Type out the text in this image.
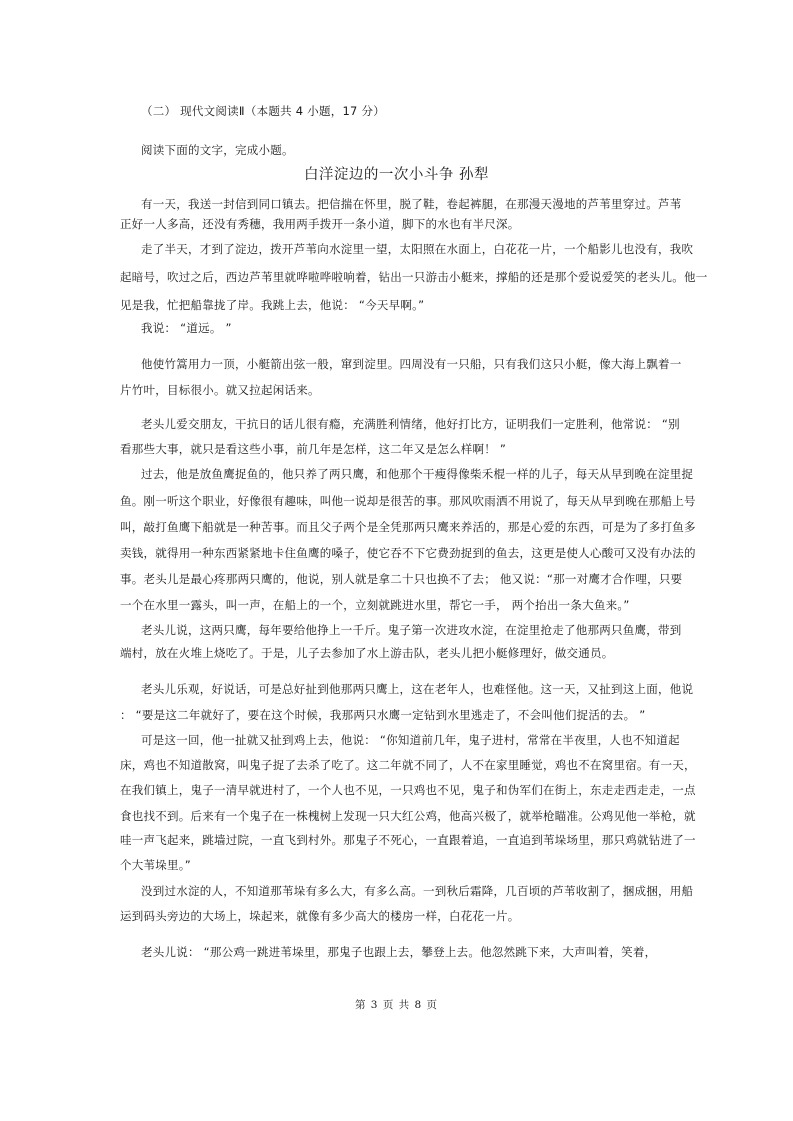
（二） 现代文阅读Ⅱ（本题共 4 小题，17 分）
阅读下面的文字，完成小题。
白洋淀边的一次小斗争 孙犁
有一天，我送一封信到同口镇去。把信揣在怀里，脱了鞋，卷起裤腿，在那漫天漫地的芦苇里穿过。芦苇
正好一人多高，还没有秀穗，我用两手拨开一条小道，脚下的水也有半尺深。
走了半天，才到了淀边，拨开芦苇向水淀里一望，太阳照在水面上，白花花一片，一个船影儿也没有，我吹
起暗号，吹过之后，西边芦苇里就哗啦哗啦响着，钻出一只游击小艇来，撑船的还是那个爱说爱笑的老头儿。他一
见是我，忙把船靠拢了岸。我跳上去，他说： “今天早啊。”
我说： “道远。 ”
他使竹篙用力一顶，小艇箭出弦一般，窜到淀里。四周没有一只船，只有我们这只小艇，像大海上飘着一
片竹叶，目标很小。就又拉起闲话来。
老头儿爱交朋友，干抗日的话儿很有瘾，充满胜利情绪，他好打比方，证明我们一定胜利，他常说： “别
看那些大事，就只是看这些小事，前几年是怎样，这二年又是怎么样啊！ ”
过去，他是放鱼鹰捉鱼的，他只养了两只鹰，和他那个干瘦得像柴禾棍一样的儿子，每天从早到晚在淀里捉
鱼。刚一听这个职业，好像很有趣味，叫他一说却是很苦的事。那风吹雨洒不用说了，每天从早到晚在那船上号
叫，敲打鱼鹰下船就是一种苦事。而且父子两个是全凭那两只鹰来养活的，那是心爱的东西，可是为了多打鱼多
卖钱，就得用一种东西紧紧地卡住鱼鹰的嗓子，使它吞不下它费劲捉到的鱼去，这更是使人心酸可又没有办法的
事。老头儿是最心疼那两只鹰的，他说，别人就是拿二十只也换不了去； 他又说：“那一对鹰才合作哩，只要
一个在水里一露头，叫一声，在船上的一个，立刻就跳进水里，帮它一手， 两个抬出一条大鱼来。”
老头儿说，这两只鹰，每年要给他挣上一千斤。鬼子第一次进攻水淀，在淀里抢走了他那两只鱼鹰，带到
端村，放在火堆上烧吃了。于是，儿子去参加了水上游击队，老头儿把小艇修理好，做交通员。
老头儿乐观，好说话，可是总好扯到他那两只鹰上，这在老年人，也难怪他。这一天，又扯到这上面，他说
： “要是这二年就好了，要在这个时候，我那两只水鹰一定钻到水里逃走了，不会叫他们捉活的去。 ”
可是这一回，他一扯就又扯到鸡上去，他说： “你知道前几年，鬼子进村，常常在半夜里，人也不知道起
床，鸡也不知道散窝，叫鬼子捉了去杀了吃了。这二年就不同了，人不在家里睡觉，鸡也不在窝里宿。有一天，
在我们镇上，鬼子一清早就进村了，一个人也不见，一只鸡也不见，鬼子和伪军们在街上，东走走西走走，一点
食也找不到。后来有一个鬼子在一株槐树上发现一只大红公鸡，他高兴极了，就举枪瞄准。公鸡见他一举枪，就
哇一声飞起来，跳墙过院，一直飞到村外。那鬼子不死心，一直跟着追，一直追到苇垛场里，那只鸡就钻进了一
个大苇垛里。”
没到过水淀的人，不知道那苇垛有多么大，有多么高。一到秋后霜降，几百顷的芦苇收割了，捆成捆，用船
运到码头旁边的大场上，垛起来，就像有多少高大的楼房一样，白花花一片。
老头儿说： “那公鸡一跳进苇垛里，那鬼子也跟上去，攀登上去。他忽然跳下来，大声叫着，笑着，
第 3 页 共 8 页
